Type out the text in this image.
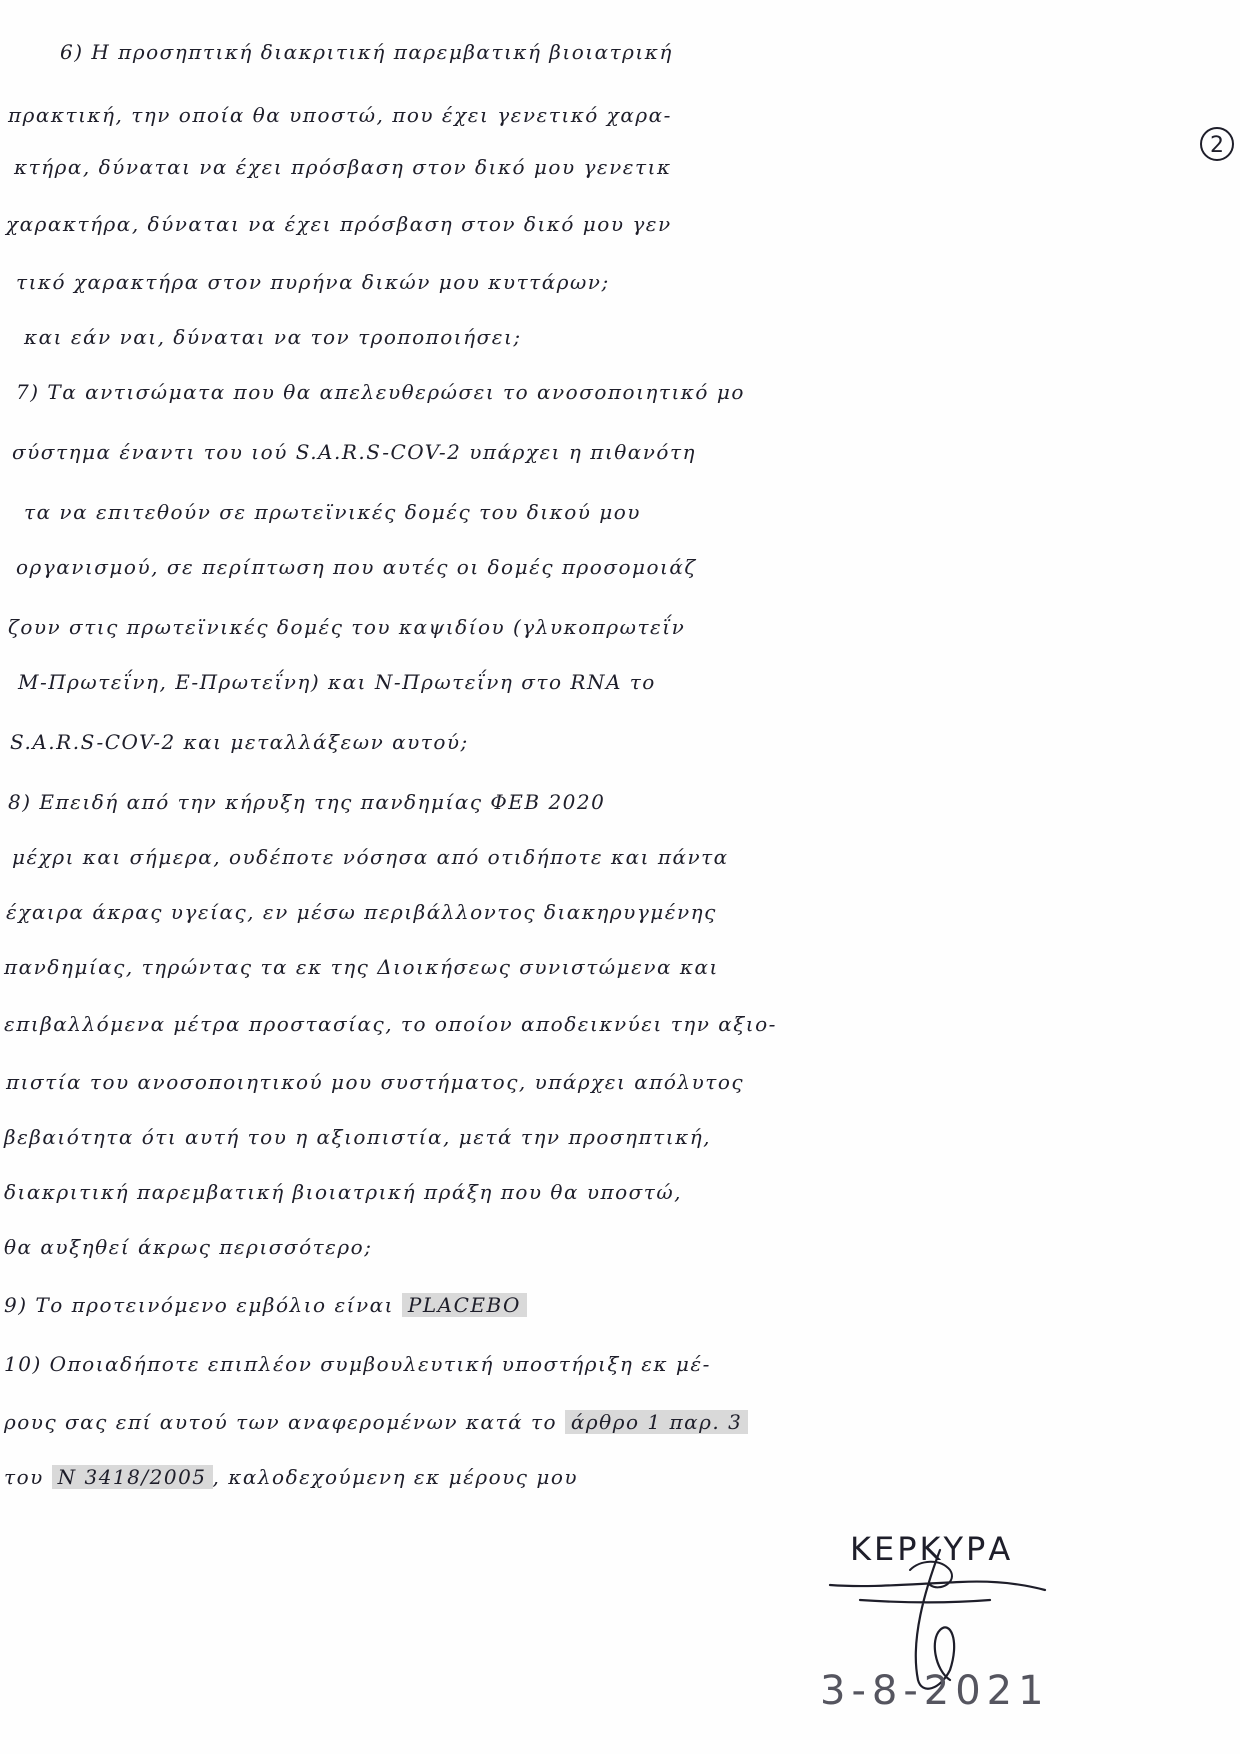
2
6) Η προσηπτική διακριτική παρεμβατική βιοιατρική
πρακτική, την οποία θα υποστώ, που έχει γενετικό χαρα-
κτήρα, δύναται να έχει πρόσβαση στον δικό μου γενετικ
χαρακτήρα, δύναται να έχει πρόσβαση στον δικό μου γεν
τικό χαρακτήρα στον πυρήνα δικών μου κυττάρων;
και εάν ναι, δύναται να τον τροποποιήσει;
7) Τα αντισώματα που θα απελευθερώσει το ανοσοποιητικό μο
σύστημα έναντι του ιού S.A.R.S-COV-2 υπάρχει η πιθανότη
τα να επιτεθούν σε πρωτεϊνικές δομές του δικού μου
οργανισμού, σε περίπτωση που αυτές οι δομές προσομοιάζ
ζουν στις πρωτεϊνικές δομές του καψιδίου (γλυκοπρωτεΐν
Μ-Πρωτεΐνη, Ε-Πρωτεΐνη) και Ν-Πρωτεΐνη στο RNA το
S.A.R.S-COV-2 και μεταλλάξεων αυτού;
8) Επειδή από την κήρυξη της πανδημίας ΦΕΒ 2020
μέχρι και σήμερα, ουδέποτε νόσησα από οτιδήποτε και πάντα
έχαιρα άκρας υγείας, εν μέσω περιβάλλοντος διακηρυγμένης
πανδημίας, τηρώντας τα εκ της Διοικήσεως συνιστώμενα και
επιβαλλόμενα μέτρα προστασίας, το οποίον αποδεικνύει την αξιο-
πιστία του ανοσοποιητικού μου συστήματος, υπάρχει απόλυτος
βεβαιότητα ότι αυτή του η αξιοπιστία, μετά την προσηπτική,
διακριτική παρεμβατική βιοιατρική πράξη που θα υποστώ,
θα αυξηθεί άκρως περισσότερο;
9) Το προτεινόμενο εμβόλιο είναι PLACEBO
10) Οποιαδήποτε επιπλέον συμβουλευτική υποστήριξη εκ μέ-
ρους σας επί αυτού των αναφερομένων κατά το άρθρο 1 παρ. 3
του Ν 3418/2005 , καλοδεχούμενη εκ μέρους μου
ΚΕΡΚΥΡΑ
3-8-2021
